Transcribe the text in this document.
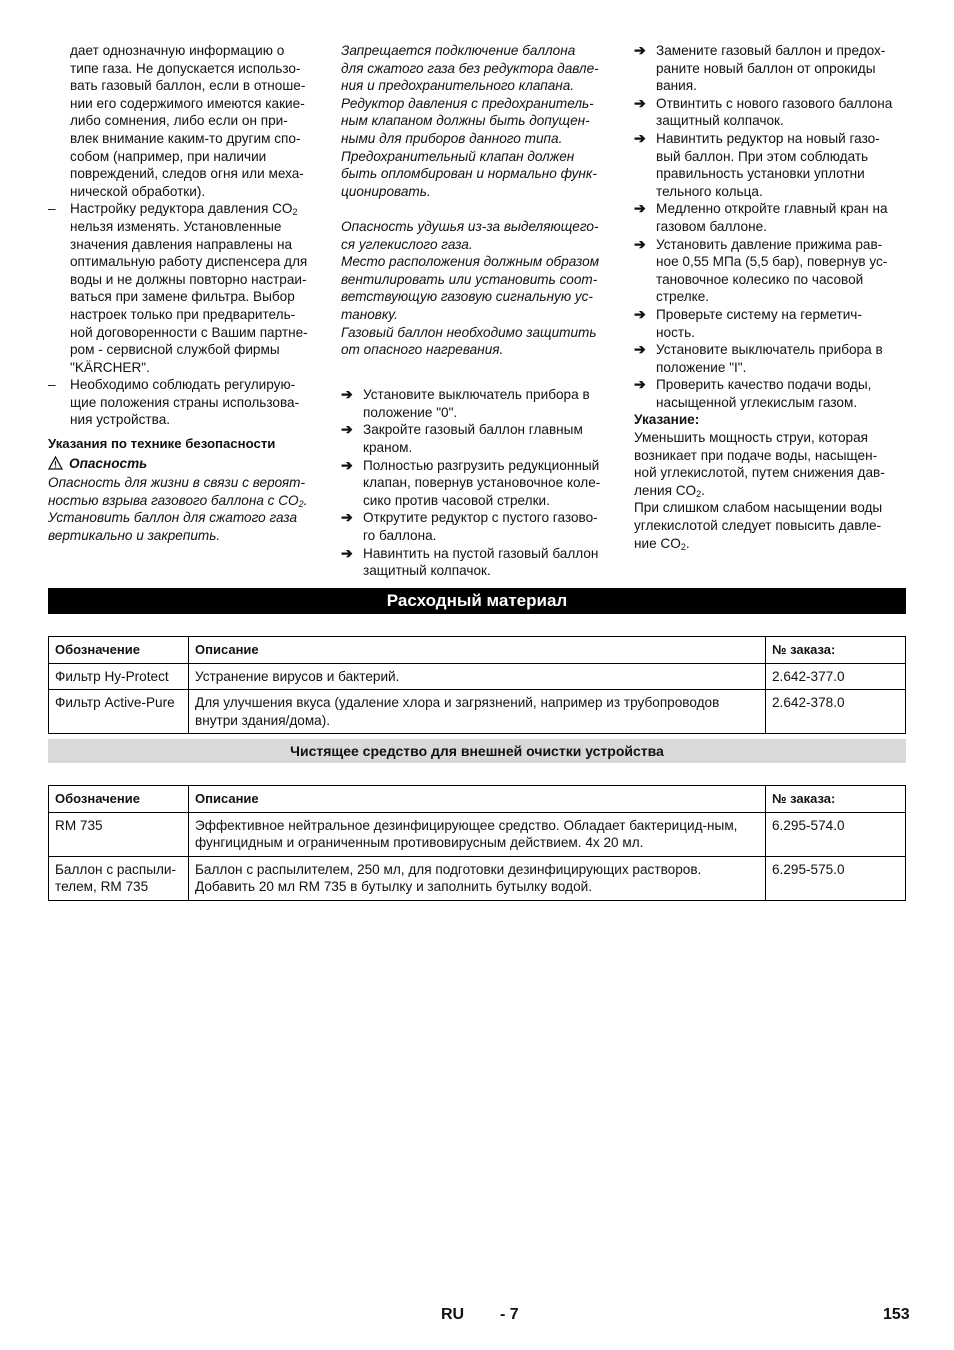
дает однозначную информацию о
типе газа. Не допускается использо-
вать газовый баллон, если в отноше-
нии его содержимого имеются какие-
либо сомнения, либо если он при-
влек внимание каким-то другим спо-
собом (например, при наличии
повреждений, следов огня или меха-
нической обработки).
– Настройку редуктора давления $CO_2$
нельзя изменять. Установленные
значения давления направлены на
оптимальную работу диспенсера для
воды и не должны повторно настраи-
ваться при замене фильтра. Выбор
настроек только при предваритель-
ной договоренности с Вашим партне-
ром - сервисной службой фирмы
"KÄRCHER".
– Необходимо соблюдать регулирую-
щие положения страны использова-
ния устройства.
Указания по технике безопасности
Опасность
Опасность для жизни в связи с вероят-
ностью взрыва газового баллона с $CO_2$.
Установить баллон для сжатого газа
вертикально и закрепить.
Запрещается подключение баллона
для сжатого газа без редуктора давле-
ния и предохранительного клапана.
Редуктор давления с предохранитель-
ным клапаном должны быть допущен-
ными для приборов данного типа.
Предохранительный клапан должен
быть опломбирован и нормально функ-
ционировать.
Опасность удушья из-за выделяющего-
ся углекислого газа.
Место расположения должным образом
вентилировать или установить соот-
ветствующую газовую сигнальную ус-
тановку.
Газовый баллон необходимо защитить
от опасного нагревания.
➔ Установите выключатель прибора в
положение "0".
➔ Закройте газовый баллон главным
краном.
➔ Полностью разгрузить редукционный
клапан, повернув установочное коле-
сико против часовой стрелки.
➔ Открутите редуктор с пустого газово-
го баллона.
➔ Навинтить на пустой газовый баллон
защитный колпачок.
➔ Замените газовый баллон и предох-
раните новый баллон от опрокиды
вания.
➔ Отвинтить с нового газового баллона
защитный колпачок.
➔ Навинтить редуктор на новый газо-
вый баллон. При этом соблюдать
правильность установки уплотни
тельного кольца.
➔ Медленно откройте главный кран на
газовом баллоне.
➔ Установить давление прижима рав-
ное 0,55 МПа (5,5 бар), повернув ус-
тановочное колесико по часовой
стрелке.
➔ Проверьте систему на герметич-
ность.
➔ Установите выключатель прибора в
положение "I".
➔ Проверить качество подачи воды,
насыщенной углекислым газом.
Указание:
Уменьшить мощность струи, которая
возникает при подаче воды, насыщен-
ной углекислотой, путем снижения дав-
ления $CO_2$.
При слишком слабом насыщении воды
углекислотой следует повысить давле-
ние $CO_2$.
Расходный материал
Обозначение	Описание	№ заказа:
Фильтр Hy-Protect	Устранение вирусов и бактерий.	2.642-377.0
Фильтр Active-Pure	Для улучшения вкуса (удаление хлора и загрязнений, например из трубопроводов внутри здания/дома).	2.642-378.0
Чистящее средство для внешней очистки устройства
Обозначение	Описание	№ заказа:
RM 735	Эффективное нейтральное дезинфицирующее средство. Обладает бактерицид-ным, фунгицидным и ограниченным противовирусным действием. 4x 20 мл.	6.295-574.0
Баллон с распыли-телем, RM 735	Баллон с распылителем, 250 мл, для подготовки дезинфицирующих растворов. Добавить 20 мл RM 735 в бутылку и заполнить бутылку водой.	6.295-575.0
RU - 7	153
